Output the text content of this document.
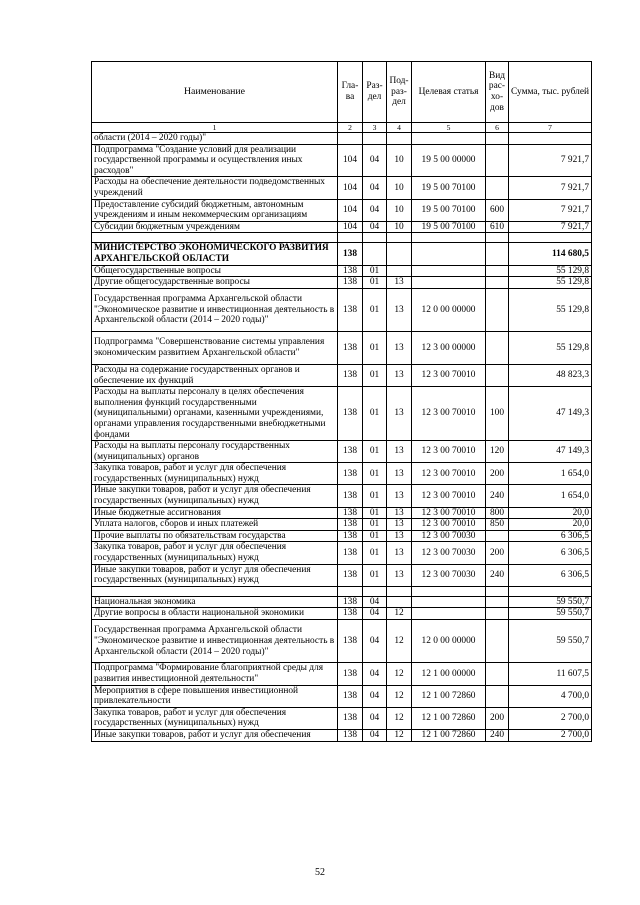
Наименование	Гла- ва	Раз- дел	Под- раз- дел	Целевая статья	Вид рас- хо- дов	Сумма, тыс. рублей
1	2	3	4	5	6	7
области (2014 – 2020 годы)"						
Подпрограмма "Создание условий для реализации государственной программы и осуществления иных расходов"	104	04	10	19 5 00 00000		7 921,7
Расходы на обеспечение деятельности подведомственных учреждений	104	04	10	19 5 00 70100		7 921,7
Предоставление субсидий бюджетным, автономным учреждениям и иным некоммерческим организациям	104	04	10	19 5 00 70100	600	7 921,7
Субсидии бюджетным учреждениям	104	04	10	19 5 00 70100	610	7 921,7

МИНИСТЕРСТВО ЭКОНОМИЧЕСКОГО РАЗВИТИЯ АРХАНГЕЛЬСКОЙ ОБЛАСТИ	138					114 680,5
Общегосударственные вопросы	138	01				55 129,8
Другие общегосударственные вопросы	138	01	13			55 129,8
Государственная программа Архангельской области "Экономическое развитие и инвестиционная деятельность в Архангельской области (2014 – 2020 годы)"	138	01	13	12 0 00 00000		55 129,8
Подпрограмма "Совершенствование системы управления экономическим развитием Архангельской области"	138	01	13	12 3 00 00000		55 129,8
Расходы на содержание государственных органов и обеспечение их функций	138	01	13	12 3 00 70010		48 823,3
Расходы на выплаты персоналу в целях обеспечения выполнения функций государственными (муниципальными) органами, казенными учреждениями, органами управления государственными внебюджетными фондами	138	01	13	12 3 00 70010	100	47 149,3
Расходы на выплаты персоналу государственных (муниципальных) органов	138	01	13	12 3 00 70010	120	47 149,3
Закупка товаров, работ и услуг для обеспечения государственных (муниципальных) нужд	138	01	13	12 3 00 70010	200	1 654,0
Иные закупки товаров, работ и услуг для обеспечения государственных (муниципальных) нужд	138	01	13	12 3 00 70010	240	1 654,0
Иные бюджетные ассигнования	138	01	13	12 3 00 70010	800	20,0
Уплата налогов, сборов и иных платежей	138	01	13	12 3 00 70010	850	20,0
Прочие выплаты по обязательствам государства	138	01	13	12 3 00 70030		6 306,5
Закупка товаров, работ и услуг для обеспечения государственных (муниципальных) нужд	138	01	13	12 3 00 70030	200	6 306,5
Иные закупки товаров, работ и услуг для обеспечения государственных (муниципальных) нужд	138	01	13	12 3 00 70030	240	6 306,5

Национальная экономика	138	04				59 550,7
Другие вопросы в области национальной экономики	138	04	12			59 550,7
Государственная программа Архангельской области "Экономическое развитие и инвестиционная деятельность в Архангельской области (2014 – 2020 годы)"	138	04	12	12 0 00 00000		59 550,7
Подпрограмма "Формирование благоприятной среды для развития инвестиционной деятельности"	138	04	12	12 1 00 00000		11 607,5
Мероприятия в сфере повышения инвестиционной привлекательности	138	04	12	12 1 00 72860		4 700,0
Закупка товаров, работ и услуг для обеспечения государственных (муниципальных) нужд	138	04	12	12 1 00 72860	200	2 700,0
Иные закупки товаров, работ и услуг для обеспечения	138	04	12	12 1 00 72860	240	2 700,0
52
